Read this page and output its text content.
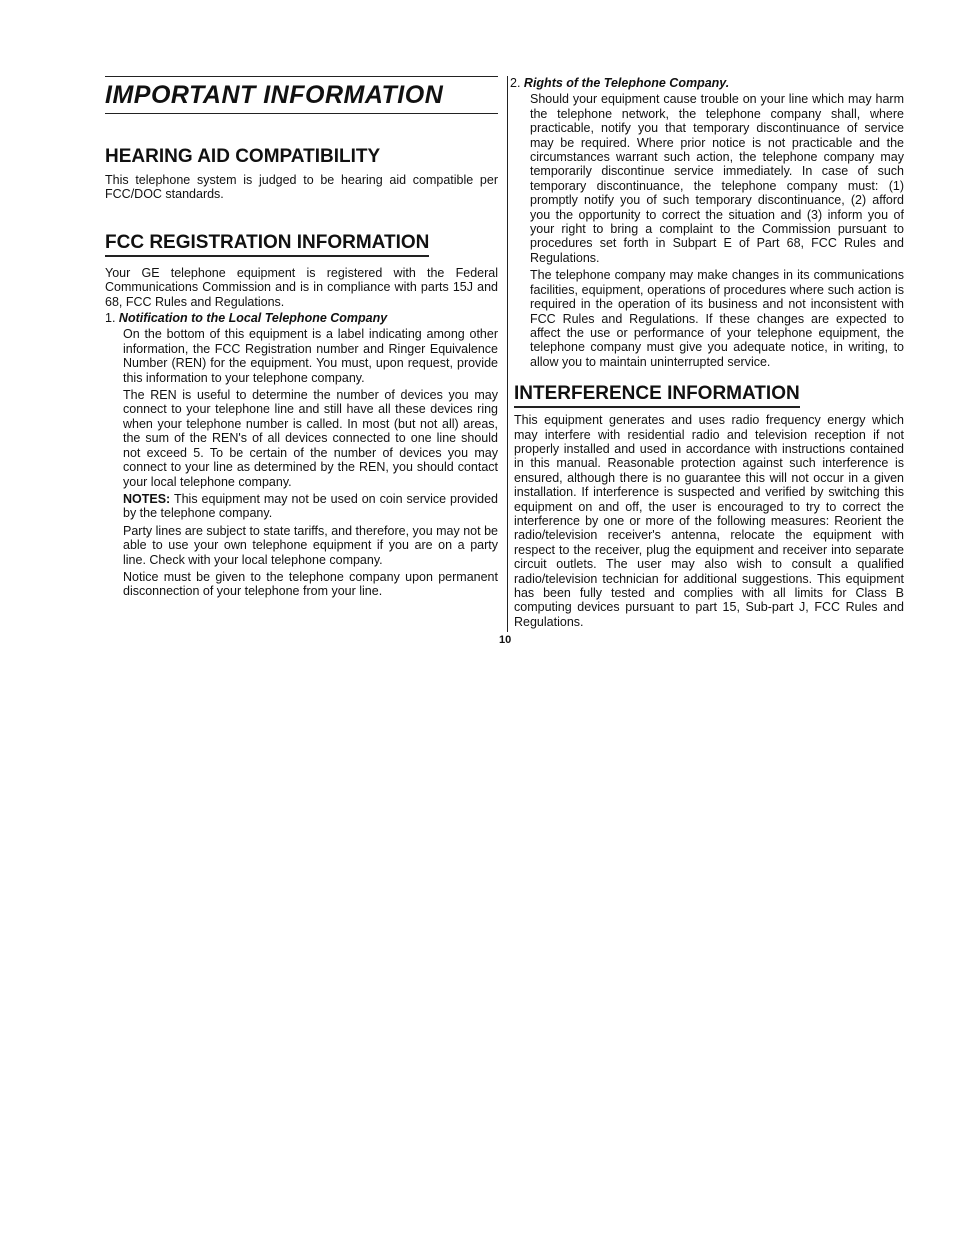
IMPORTANT INFORMATION
HEARING AID COMPATIBILITY

This telephone system is judged to be hearing aid compatible per FCC/DOC standards.

FCC REGISTRATION INFORMATION

Your GE telephone equipment is registered with the Federal Communications Commission and is in compliance with parts 15J and 68, FCC Rules and Regulations.

1. Notification to the Local Telephone Company

On the bottom of this equipment is a label indicating among other information, the FCC Registration number and Ringer Equivalence Number (REN) for the equipment. You must, upon request, provide this information to your telephone company.

The REN is useful to determine the number of devices you may connect to your telephone line and still have all these devices ring when your telephone number is called. In most (but not all) areas, the sum of the REN's of all devices connected to one line should not exceed 5. To be certain of the number of devices you may connect to your line as determined by the REN, you should contact your local telephone company.

NOTES: This equipment may not be used on coin service provided by the telephone company.

Party lines are subject to state tariffs, and therefore, you may not be able to use your own telephone equipment if you are on a party line. Check with your local telephone company.

Notice must be given to the telephone company upon permanent disconnection of your telephone from your line.

2. Rights of the Telephone Company.

Should your equipment cause trouble on your line which may harm the telephone network, the telephone company shall, where practicable, notify you that temporary discontinuance of service may be required. Where prior notice is not practicable and the circumstances warrant such action, the telephone company may temporarily discontinue service immediately. In case of such temporary discontinuance, the telephone company must: (1) promptly notify you of such temporary discontinuance, (2) afford you the opportunity to correct the situation and (3) inform you of your right to bring a complaint to the Commission pursuant to procedures set forth in Subpart E of Part 68, FCC Rules and Regulations.

The telephone company may make changes in its communications facilities, equipment, operations of procedures where such action is required in the operation of its business and not inconsistent with FCC Rules and Regulations. If these changes are expected to affect the use or performance of your telephone equipment, the telephone company must give you adequate notice, in writing, to allow you to maintain uninterrupted service.

INTERFERENCE INFORMATION

This equipment generates and uses radio frequency energy which may interfere with residential radio and television reception if not properly installed and used in accordance with instructions contained in this manual. Reasonable protection against such interference is ensured, although there is no guarantee this will not occur in a given installation. If interference is suspected and verified by switching this equipment on and off, the user is encouraged to try to correct the interference by one or more of the following measures: Reorient the radio/television receiver's antenna, relocate the equipment with respect to the receiver, plug the equipment and receiver into separate circuit outlets. The user may also wish to consult a qualified radio/television technician for additional suggestions. This equipment has been fully tested and complies with all limits for Class B computing devices pursuant to part 15, Sub-part J, FCC Rules and Regulations.

10
